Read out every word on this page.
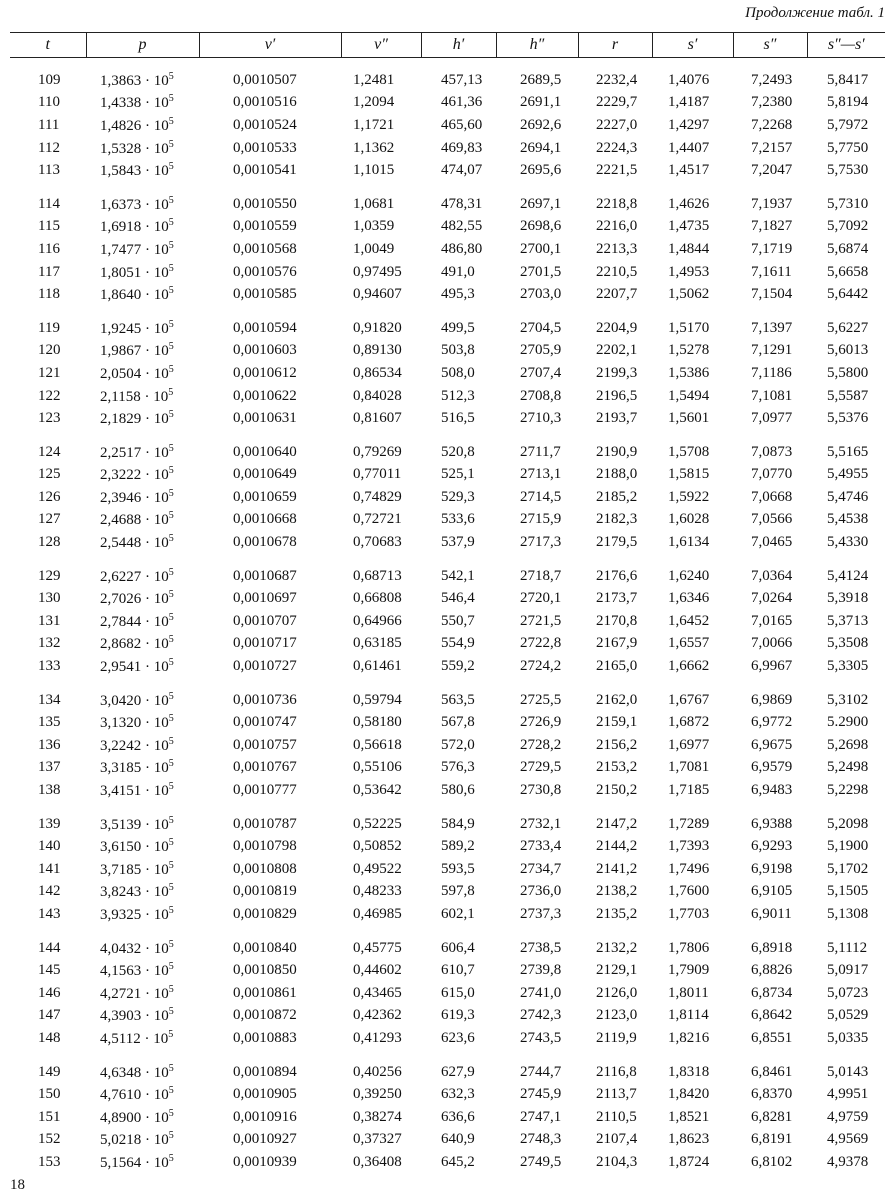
Продолжение табл. 1
t	p	v′	v″	h′	h″	r	s′	s″	s″—s′

109	$1,3863 \cdot 10^5$	0,0010507	1,2481	457,13	2689,5	2232,4	1,4076	7,2493	5,8417
110	$1,4338 \cdot 10^5$	0,0010516	1,2094	461,36	2691,1	2229,7	1,4187	7,2380	5,8194
111	$1,4826 \cdot 10^5$	0,0010524	1,1721	465,60	2692,6	2227,0	1,4297	7,2268	5,7972
112	$1,5328 \cdot 10^5$	0,0010533	1,1362	469,83	2694,1	2224,3	1,4407	7,2157	5,7750
113	$1,5843 \cdot 10^5$	0,0010541	1,1015	474,07	2695,6	2221,5	1,4517	7,2047	5,7530

114	$1,6373 \cdot 10^5$	0,0010550	1,0681	478,31	2697,1	2218,8	1,4626	7,1937	5,7310
115	$1,6918 \cdot 10^5$	0,0010559	1,0359	482,55	2698,6	2216,0	1,4735	7,1827	5,7092
116	$1,7477 \cdot 10^5$	0,0010568	1,0049	486,80	2700,1	2213,3	1,4844	7,1719	5,6874
117	$1,8051 \cdot 10^5$	0,0010576	0,97495	491,0	2701,5	2210,5	1,4953	7,1611	5,6658
118	$1,8640 \cdot 10^5$	0,0010585	0,94607	495,3	2703,0	2207,7	1,5062	7,1504	5,6442

119	$1,9245 \cdot 10^5$	0,0010594	0,91820	499,5	2704,5	2204,9	1,5170	7,1397	5,6227
120	$1,9867 \cdot 10^5$	0,0010603	0,89130	503,8	2705,9	2202,1	1,5278	7,1291	5,6013
121	$2,0504 \cdot 10^5$	0,0010612	0,86534	508,0	2707,4	2199,3	1,5386	7,1186	5,5800
122	$2,1158 \cdot 10^5$	0,0010622	0,84028	512,3	2708,8	2196,5	1,5494	7,1081	5,5587
123	$2,1829 \cdot 10^5$	0,0010631	0,81607	516,5	2710,3	2193,7	1,5601	7,0977	5,5376

124	$2,2517 \cdot 10^5$	0,0010640	0,79269	520,8	2711,7	2190,9	1,5708	7,0873	5,5165
125	$2,3222 \cdot 10^5$	0,0010649	0,77011	525,1	2713,1	2188,0	1,5815	7,0770	5,4955
126	$2,3946 \cdot 10^5$	0,0010659	0,74829	529,3	2714,5	2185,2	1,5922	7,0668	5,4746
127	$2,4688 \cdot 10^5$	0,0010668	0,72721	533,6	2715,9	2182,3	1,6028	7,0566	5,4538
128	$2,5448 \cdot 10^5$	0,0010678	0,70683	537,9	2717,3	2179,5	1,6134	7,0465	5,4330

129	$2,6227 \cdot 10^5$	0,0010687	0,68713	542,1	2718,7	2176,6	1,6240	7,0364	5,4124
130	$2,7026 \cdot 10^5$	0,0010697	0,66808	546,4	2720,1	2173,7	1,6346	7,0264	5,3918
131	$2,7844 \cdot 10^5$	0,0010707	0,64966	550,7	2721,5	2170,8	1,6452	7,0165	5,3713
132	$2,8682 \cdot 10^5$	0,0010717	0,63185	554,9	2722,8	2167,9	1,6557	7,0066	5,3508
133	$2,9541 \cdot 10^5$	0,0010727	0,61461	559,2	2724,2	2165,0	1,6662	6,9967	5,3305

134	$3,0420 \cdot 10^5$	0,0010736	0,59794	563,5	2725,5	2162,0	1,6767	6,9869	5,3102
135	$3,1320 \cdot 10^5$	0,0010747	0,58180	567,8	2726,9	2159,1	1,6872	6,9772	5.2900
136	$3,2242 \cdot 10^5$	0,0010757	0,56618	572,0	2728,2	2156,2	1,6977	6,9675	5,2698
137	$3,3185 \cdot 10^5$	0,0010767	0,55106	576,3	2729,5	2153,2	1,7081	6,9579	5,2498
138	$3,4151 \cdot 10^5$	0,0010777	0,53642	580,6	2730,8	2150,2	1,7185	6,9483	5,2298

139	$3,5139 \cdot 10^5$	0,0010787	0,52225	584,9	2732,1	2147,2	1,7289	6,9388	5,2098
140	$3,6150 \cdot 10^5$	0,0010798	0,50852	589,2	2733,4	2144,2	1,7393	6,9293	5,1900
141	$3,7185 \cdot 10^5$	0,0010808	0,49522	593,5	2734,7	2141,2	1,7496	6,9198	5,1702
142	$3,8243 \cdot 10^5$	0,0010819	0,48233	597,8	2736,0	2138,2	1,7600	6,9105	5,1505
143	$3,9325 \cdot 10^5$	0,0010829	0,46985	602,1	2737,3	2135,2	1,7703	6,9011	5,1308

144	$4,0432 \cdot 10^5$	0,0010840	0,45775	606,4	2738,5	2132,2	1,7806	6,8918	5,1112
145	$4,1563 \cdot 10^5$	0,0010850	0,44602	610,7	2739,8	2129,1	1,7909	6,8826	5,0917
146	$4,2721 \cdot 10^5$	0,0010861	0,43465	615,0	2741,0	2126,0	1,8011	6,8734	5,0723
147	$4,3903 \cdot 10^5$	0,0010872	0,42362	619,3	2742,3	2123,0	1,8114	6,8642	5,0529
148	$4,5112 \cdot 10^5$	0,0010883	0,41293	623,6	2743,5	2119,9	1,8216	6,8551	5,0335

149	$4,6348 \cdot 10^5$	0,0010894	0,40256	627,9	2744,7	2116,8	1,8318	6,8461	5,0143
150	$4,7610 \cdot 10^5$	0,0010905	0,39250	632,3	2745,9	2113,7	1,8420	6,8370	4,9951
151	$4,8900 \cdot 10^5$	0,0010916	0,38274	636,6	2747,1	2110,5	1,8521	6,8281	4,9759
152	$5,0218 \cdot 10^5$	0,0010927	0,37327	640,9	2748,3	2107,4	1,8623	6,8191	4,9569
153	$5,1564 \cdot 10^5$	0,0010939	0,36408	645,2	2749,5	2104,3	1,8724	6,8102	4,9378
18
